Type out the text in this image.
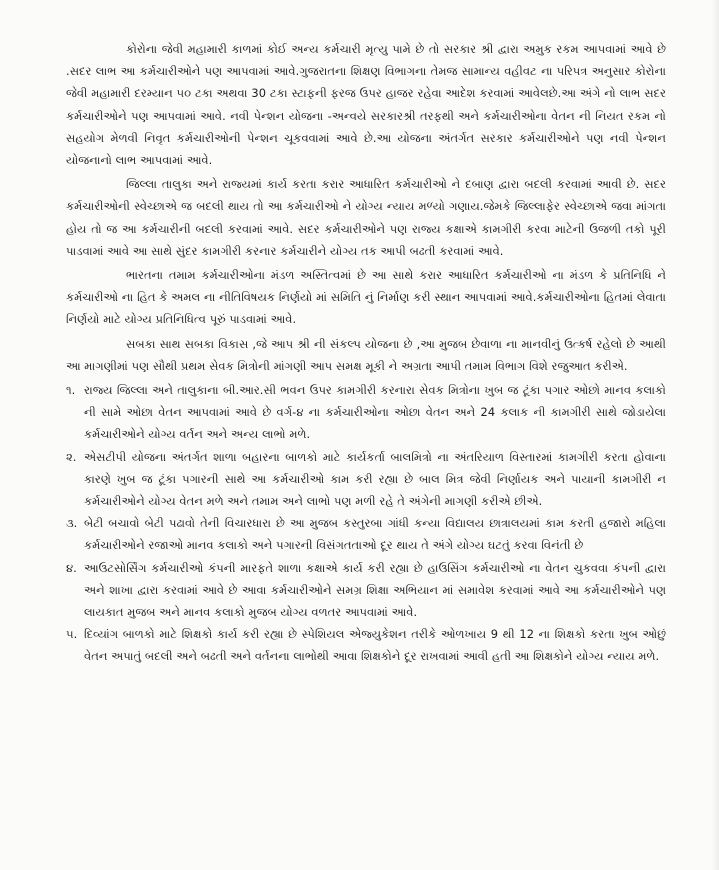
કોરોના જેવી મહામારી કાળમાં કોઈ અન્ય કર્મચારી મૃત્યુ પામે છે તો સરકાર શ્રી દ્વારા અમુક રકમ આપવામાં આવે છે .સદર લાભ આ કર્મચારીઓને પણ આપવામાં આવે.ગુજરાતના શિક્ષણ વિભાગના તેમજ સામાન્ય વહીવટ ના પરિપત્ર અનુસાર કોરોના જેવી મહામારી દરમ્યાન ૫૦ ટકા અથવા 30 ટકા સ્ટાફની ફરજ ઉપર હાજર રહેવા આદેશ કરવામાં આવેલછે.આ અંગે નો લાભ સદર કર્મચારીઓને પણ આપવામાં આવે. નવી પેન્શન યોજના -અન્વયે સરકારશ્રી તરફથી અને કર્મચારીઓના વેતન ની નિયત રકમ નો સહયોગ મેળવી નિવૃત કર્મચારીઓની પેન્શન ચૂકવવામાં આવે છે.આ યોજના અંતર્ગત સરકાર કર્મચારીઓને પણ નવી પેન્શન યોજનાનો લાભ આપવામાં આવે.

જિલ્લા તાલુકા અને રાજ્યમાં કાર્ય કરતા કરાર આધારિત કર્મચારીઓ ને દબાણ દ્વારા બદલી કરવામાં આવી છે. સદર કર્મચારીઓની સ્વેચ્છાએ જ બદલી થાય તો આ કર્મચારીઓ ને યોગ્ય ન્યાય મળ્યો ગણાય.જેમકે જિલ્લાફેર સ્વેચ્છાએ જવા માંગતા હોય તો જ આ કર્મચારીની બદલી કરવામાં આવે. સદર કર્મચારીઓને પણ રાજ્ય કક્ષાએ કામગીરી કરવા માટેની ઉજળી તકો પૂરી પાડવામાં આવે આ સાથે સુંદર કામગીરી કરનાર કર્મચારીને યોગ્ય તક આપી બઢતી કરવામાં આવે.

ભારતના તમામ કર્મચારીઓના મંડળ અસ્તિત્વમાં છે આ સાથે કરાર આધારિત કર્મચારીઓ ના મંડળ કે પ્રતિનિધિ ને કર્મચારીઓ ના હિત કે અમલ ના નીતિવિષયક નિર્ણયો માં સમિતિ નું નિર્માણ કરી સ્થાન આપવામાં આવે.કર્મચારીઓના હિતમાં લેવાતા નિર્ણયો માટે યોગ્ય પ્રતિનિધિત્વ પૂરું પાડવામાં આવે.

સબકા સાથ સબકા વિકાસ ,જે આપ શ્રી ની સંકલ્પ યોજના છે ,આ મુજબ છેવાળા ના માનવીનું ઉત્કર્ષ રહેલો છે આથી આ માગણીમાં પણ સૌથી પ્રથમ સેવક મિત્રોની માંગણી આપ સમક્ષ મૂકી ને અગ્રતા આપી તમામ વિભાગ વિશે રજુઆત કરીએ.

૧. રાજ્ય જિલ્લા અને તાલુકાના બી.આર.સી ભવન ઉપર કામગીરી કરનારા સેવક મિત્રોના ખુબ જ ટૂંકા પગાર ઓછો માનવ કલાકો ની સામે ઓછા વેતન આપવામાં આવે છે વર્ગ-૪ ના કર્મચારીઓના ઓછા વેતન અને 24 કલાક ની કામગીરી સાથે જોડાયેલા કર્મચારીઓને યોગ્ય વર્તન અને અન્ય લાભો મળે.
૨. એસટીપી યોજના અંતર્ગત શાળા બહારના બાળકો માટે કાર્યકર્તા બાલમિત્રો ના અંતરિયાળ વિસ્તારમાં કામગીરી કરતા હોવાના કારણે ખુબ જ ટૂંકા પગારની સાથે આ કર્મચારીઓ કામ કરી રહ્યા છે બાલ મિત્ર જેવી નિર્ણાયક અને પાયાની કામગીરી ન કર્મચારીઓને યોગ્ય વેતન મળે અને તમામ અને લાભો પણ મળી રહે તે અંગેની માગણી કરીએ છીએ.
૩. બેટી બચાવો બેટી પઢાવો તેની વિચારધારા છે આ મુજબ કસ્તુરબા ગાંધી કન્યા વિદ્યાલય છાત્રાલયમાં કામ કરતી હજારો મહિલા કર્મચારીઓને રજાઓ માનવ કલાકો અને પગારની વિસંગતતાઓ દૂર થાય તે અંગે યોગ્ય ઘટતું કરવા વિનંતી છે
૪. આઉટસોર્સિંગ કર્મચારીઓ કંપની મારફતે શાળા કક્ષાએ કાર્ય કરી રહ્યા છે હાઉસિંગ કર્મચારીઓ ના વેતન ચુકવવા કંપની દ્વારા અને શાખા દ્વારા કરવામાં આવે છે આવા કર્મચારીઓને સમગ્ર શિક્ષા અભિયાન માં સમાવેશ કરવામાં આવે આ કર્મચારીઓને પણ લાયકાત મુજબ અને માનવ કલાકો મુજબ યોગ્ય વળતર આપવામાં આવે.
૫. દિવ્યાંગ બાળકો માટે શિક્ષકો કાર્ય કરી રહ્યા છે સ્પેશિયલ એજ્યુકેશન તરીકે ઓળખાય 9 થી 12 ના શિક્ષકો કરતા ખુબ ઓછું વેતન અપાતું બદલી અને બઢતી અને વર્તનના લાભોથી આવા શિક્ષકોને દૂર રાખવામાં આવી હતી આ શિક્ષકોને યોગ્ય ન્યાય મળે.
